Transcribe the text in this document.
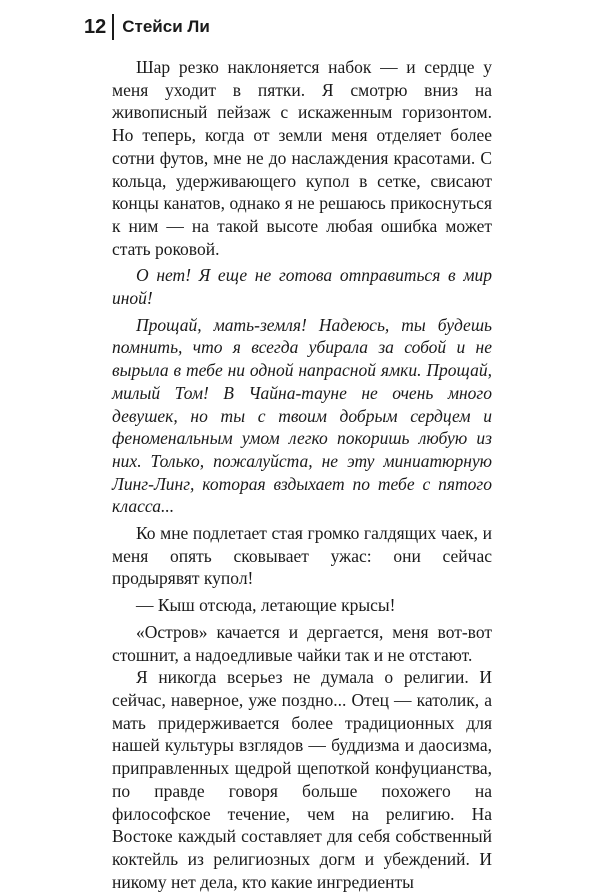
12 Стейси Ли

Шар резко наклоняется набок — и сердце у меня уходит в пятки. Я смотрю вниз на живописный пейзаж с искаженным горизонтом. Но теперь, когда от земли меня отделяет более сотни футов, мне не до наслаждения красотами. С кольца, удерживающего купол в сетке, свисают концы канатов, однако я не решаюсь прикоснуться к ним — на такой высоте любая ошибка может стать роковой.

О нет! Я еще не готова отправиться в мир иной!

Прощай, мать-земля! Надеюсь, ты будешь помнить, что я всегда убирала за собой и не вырыла в тебе ни одной напрасной ямки. Прощай, милый Том! В Чайна-тауне не очень много девушек, но ты с твоим добрым сердцем и феноменальным умом легко покоришь любую из них. Только, пожалуйста, не эту миниатюрную Линг-Линг, которая вздыхает по тебе с пятого класса...

Ко мне подлетает стая громко галдящих чаек, и меня опять сковывает ужас: они сейчас продырявят купол!

— Кыш отсюда, летающие крысы!

«Остров» качается и дергается, меня вот-вот стошнит, а надоедливые чайки так и не отстают.

Я никогда всерьез не думала о религии. И сейчас, наверное, уже поздно... Отец — католик, а мать придерживается более традиционных для нашей культуры взглядов — буддизма и даосизма, приправленных щедрой щепоткой конфуцианства, по правде говоря больше похожего на философское течение, чем на религию. На Востоке каждый составляет для себя собственный коктейль из религиозных догм и убеждений. И никому нет дела, кто какие ингредиенты
